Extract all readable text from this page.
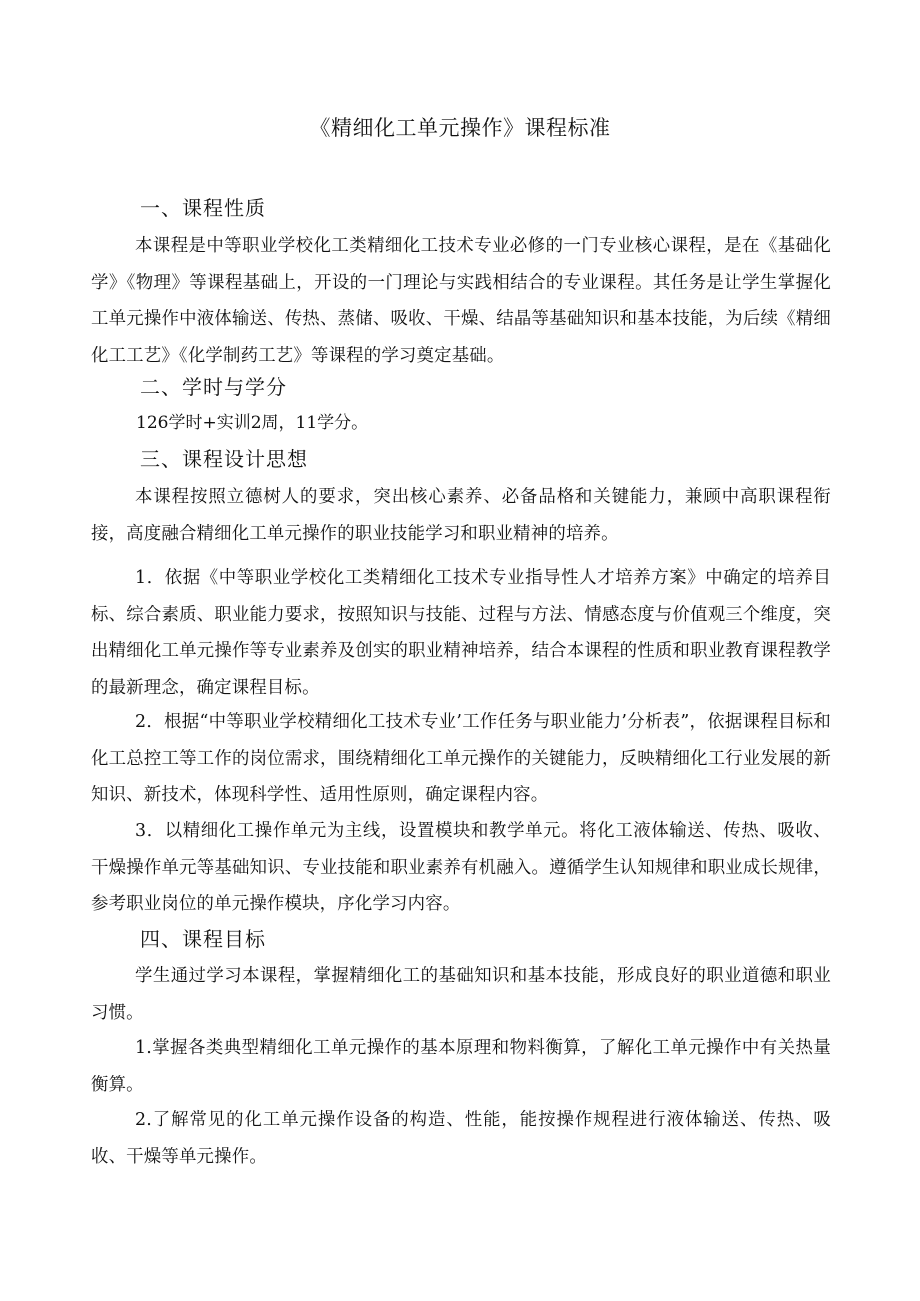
《精细化工单元操作》课程标准
一、课程性质
本课程是中等职业学校化工类精细化工技术专业必修的一门专业核心课程，是在《基础化学》《物理》等课程基础上，开设的一门理论与实践相结合的专业课程。其任务是让学生掌握化工单元操作中液体输送、传热、蒸储、吸收、干燥、结晶等基础知识和基本技能，为后续《精细化工工艺》《化学制药工艺》等课程的学习奠定基础。
二、学时与学分
126学时+实训2周，11学分。
三、课程设计思想
本课程按照立德树人的要求，突出核心素养、必备品格和关键能力，兼顾中高职课程衔接，高度融合精细化工单元操作的职业技能学习和职业精神的培养。
1．依据《中等职业学校化工类精细化工技术专业指导性人才培养方案》中确定的培养目标、综合素质、职业能力要求，按照知识与技能、过程与方法、情感态度与价值观三个维度，突出精细化工单元操作等专业素养及创实的职业精神培养，结合本课程的性质和职业教育课程教学的最新理念，确定课程目标。
2．根据“中等职业学校精细化工技术专业’工作任务与职业能力’分析表”，依据课程目标和化工总控工等工作的岗位需求，围绕精细化工单元操作的关键能力，反映精细化工行业发展的新知识、新技术，体现科学性、适用性原则，确定课程内容。
3．以精细化工操作单元为主线，设置模块和教学单元。将化工液体输送、传热、吸收、干燥操作单元等基础知识、专业技能和职业素养有机融入。遵循学生认知规律和职业成长规律，参考职业岗位的单元操作模块，序化学习内容。
四、课程目标
学生通过学习本课程，掌握精细化工的基础知识和基本技能，形成良好的职业道德和职业习惯。
1.掌握各类典型精细化工单元操作的基本原理和物料衡算，了解化工单元操作中有关热量衡算。
2.了解常见的化工单元操作设备的构造、性能，能按操作规程进行液体输送、传热、吸收、干燥等单元操作。
